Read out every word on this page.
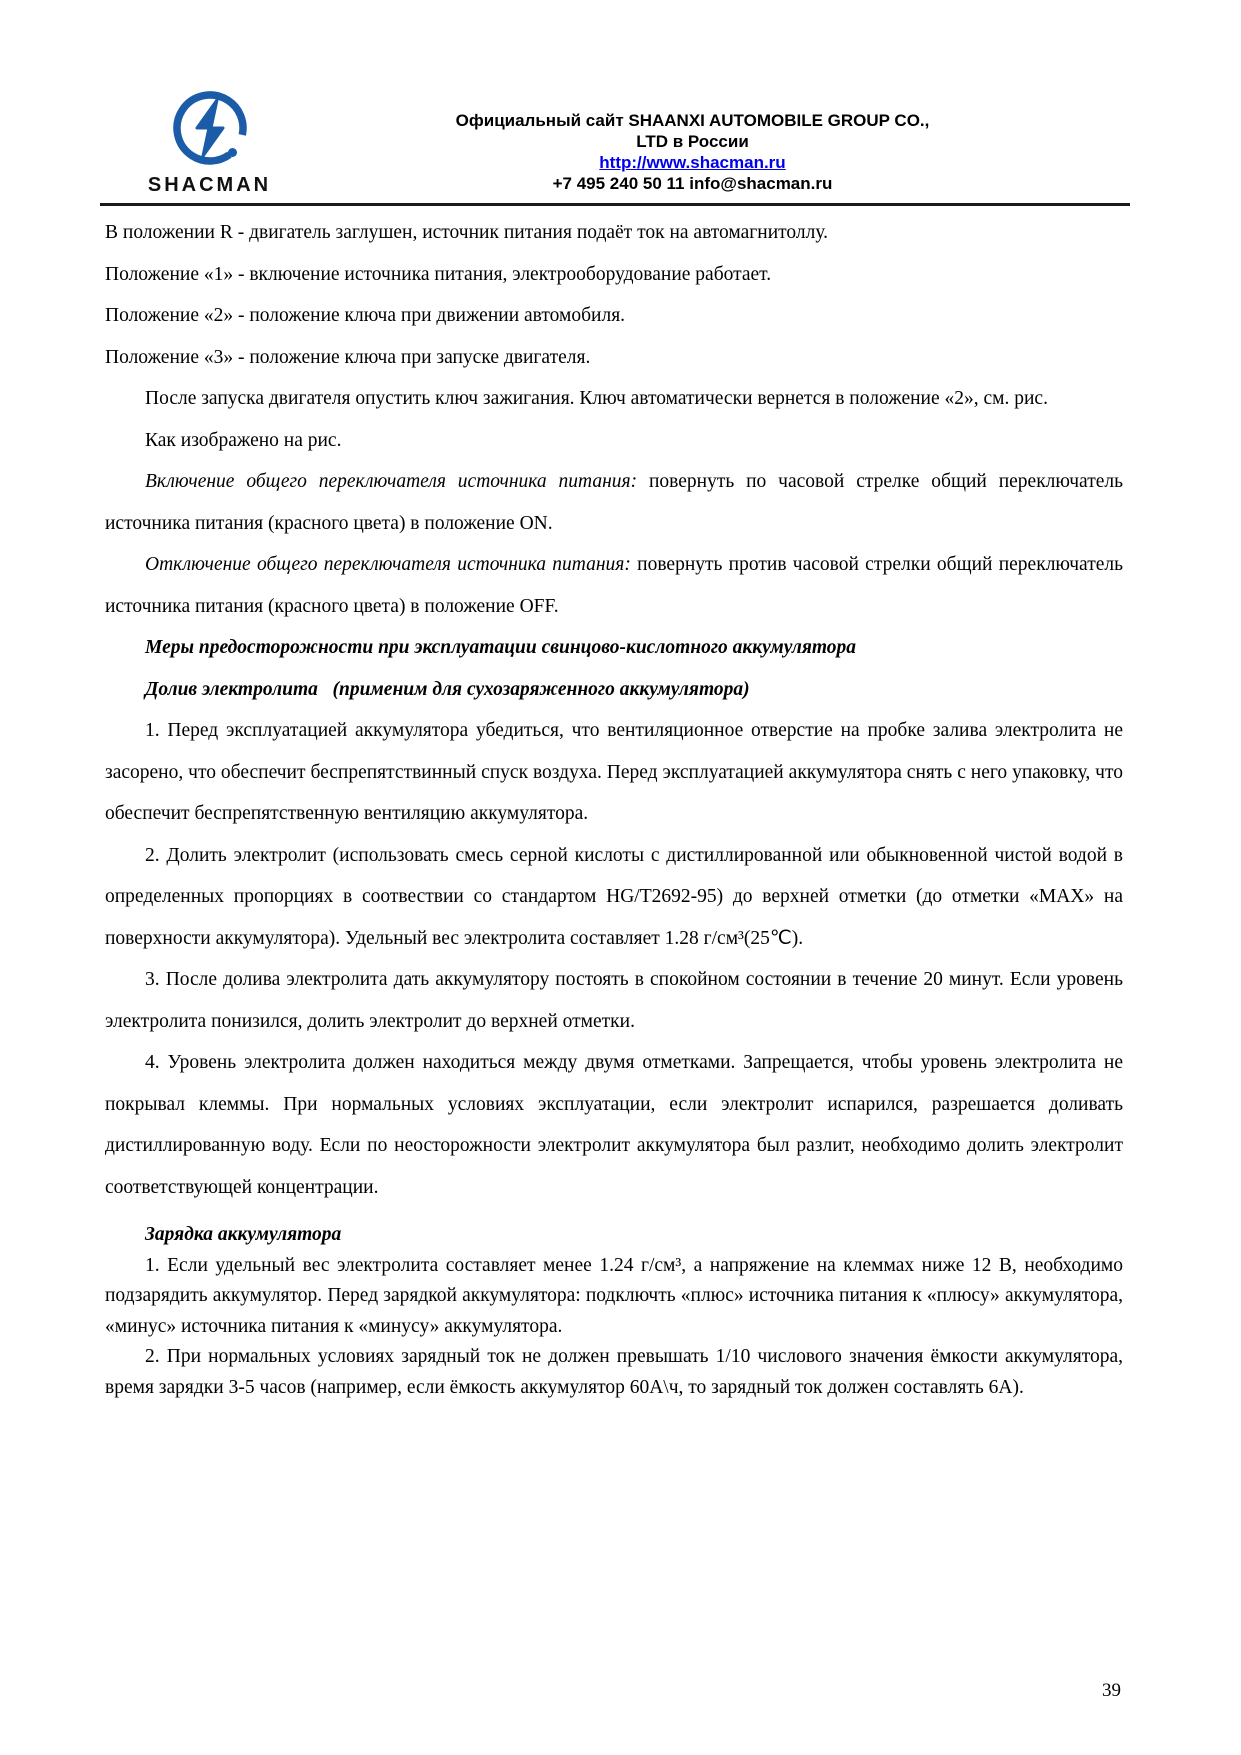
SHACMAN
Официальный сайт SHAANXI AUTOMOBILE GROUP CO.,
LTD в России
http://www.shacman.ru
+7 495 240 50 11 info@shacman.ru

В положении R - двигатель заглушен, источник питания подаёт ток на автомагнитоллу.

Положение «1» - включение источника питания, электрооборудование работает.

Положение «2» - положение ключа при движении автомобиля.

Положение «3» - положение ключа при запуске двигателя.

После запуска двигателя опустить ключ зажигания. Ключ автоматически вернется в положение «2», см. рис.

Как изображено на рис.

Включение общего переключателя источника питания: повернуть по часовой стрелке общий переключатель источника питания (красного цвета) в положение ON.

Отключение общего переключателя источника питания: повернуть против часовой стрелки общий переключатель источника питания (красного цвета) в положение OFF.

Меры предосторожности при эксплуатации свинцово-кислотного аккумулятора

Долив электролита   (применим для сухозаряженного аккумулятора)

1. Перед эксплуатацией аккумулятора убедиться, что вентиляционное отверстие на пробке залива электролита не засорено, что обеспечит беспрепятствинный спуск воздуха. Перед эксплуатацией аккумулятора снять с него упаковку, что обеспечит беспрепятственную вентиляцию аккумулятора.

2. Долить электролит (использовать смесь серной кислоты с дистиллированной или обыкновенной чистой водой в определенных пропорциях в соотвествии со стандартом HG/T2692-95) до верхней отметки (до отметки «MAX» на поверхности аккумулятора). Удельный вес электролита составляет 1.28 г/см³(25℃).

3. После долива электролита дать аккумулятору постоять в спокойном состоянии в течение 20 минут. Если уровень электролита понизился, долить электролит до верхней отметки.

4. Уровень электролита должен находиться между двумя отметками. Запрещается, чтобы уровень электролита не покрывал клеммы. При нормальных условиях эксплуатации, если электролит испарился, разрешается доливать дистиллированную воду. Если по неосторожности электролит аккумулятора был разлит, необходимо долить электролит соответствующей концентрации.

Зарядка аккумулятора

1. Если удельный вес электролита составляет менее 1.24 г/см³, а напряжение на клеммах ниже 12 В, необходимо подзарядить аккумулятор. Перед зарядкой аккумулятора: подключть «плюс» источника питания к «плюсу» аккумулятора, «минус» источника питания к «минусу» аккумулятора.

2. При нормальных условиях зарядный ток не должен превышать 1/10 числового значения ёмкости аккумулятора, время зарядки 3-5 часов (например, если ёмкость аккумулятор 60А\ч, то зарядный ток должен составлять 6А).

39
